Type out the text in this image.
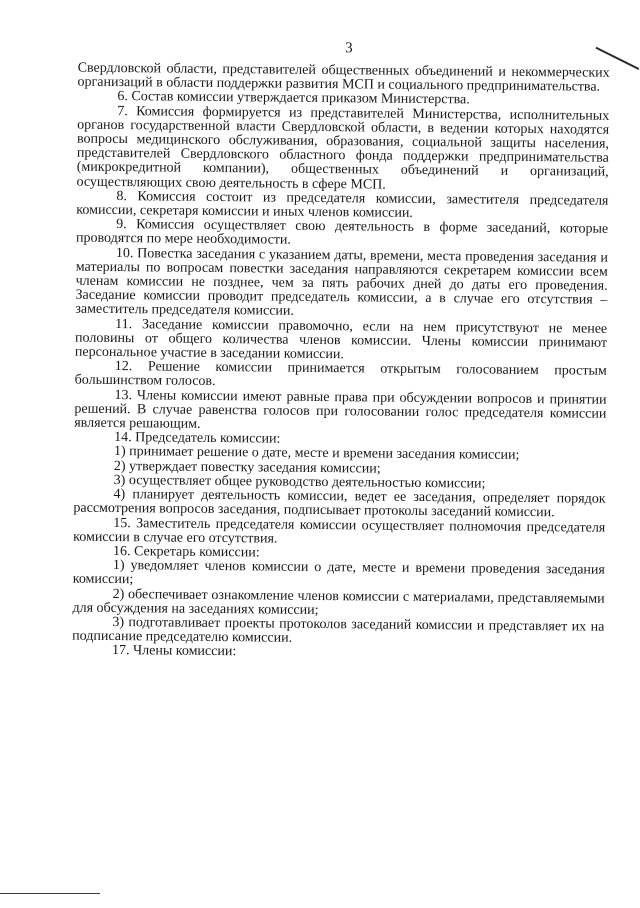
3

Свердловской области, представителей общественных объединений и некоммерческих организаций в области поддержки развития МСП и социального предпринимательства.

6. Состав комиссии утверждается приказом Министерства.

7. Комиссия формируется из представителей Министерства, исполнительных органов государственной власти Свердловской области, в ведении которых находятся вопросы медицинского обслуживания, образования, социальной защиты населения, представителей Свердловского областного фонда поддержки предпринимательства (микрокредитной компании), общественных объединений и организаций, осуществляющих свою деятельность в сфере МСП.

8. Комиссия состоит из председателя комиссии, заместителя председателя комиссии, секретаря комиссии и иных членов комиссии.

9. Комиссия осуществляет свою деятельность в форме заседаний, которые проводятся по мере необходимости.

10. Повестка заседания с указанием даты, времени, места проведения заседания и материалы по вопросам повестки заседания направляются секретарем комиссии всем членам комиссии не позднее, чем за пять рабочих дней до даты его проведения. Заседание комиссии проводит председатель комиссии, а в случае его отсутствия – заместитель председателя комиссии.

11. Заседание комиссии правомочно, если на нем присутствуют не менее половины от общего количества членов комиссии. Члены комиссии принимают персональное участие в заседании комиссии.

12. Решение комиссии принимается открытым голосованием простым большинством голосов.

13. Члены комиссии имеют равные права при обсуждении вопросов и принятии решений. В случае равенства голосов при голосовании голос председателя комиссии является решающим.

14. Председатель комиссии:

1) принимает решение о дате, месте и времени заседания комиссии;

2) утверждает повестку заседания комиссии;

3) осуществляет общее руководство деятельностью комиссии;

4) планирует деятельность комиссии, ведет ее заседания, определяет порядок рассмотрения вопросов заседания, подписывает протоколы заседаний комиссии.

15. Заместитель председателя комиссии осуществляет полномочия председателя комиссии в случае его отсутствия.

16. Секретарь комиссии:

1) уведомляет членов комиссии о дате, месте и времени проведения заседания комиссии;

2) обеспечивает ознакомление членов комиссии с материалами, представляемыми для обсуждения на заседаниях комиссии;

3) подготавливает проекты протоколов заседаний комиссии и представляет их на подписание председателю комиссии.

17. Члены комиссии:
